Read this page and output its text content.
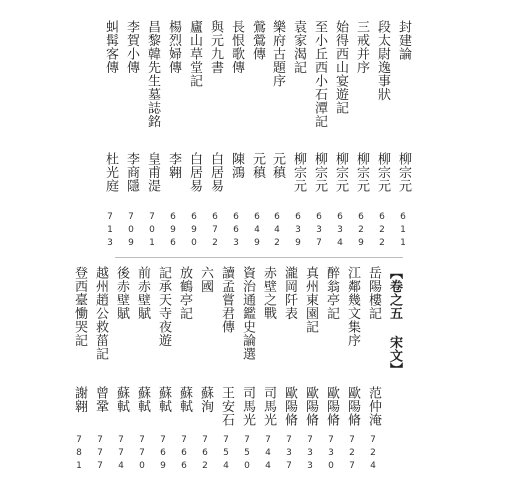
封建論
柳宗元
611
段太尉逸事狀
柳宗元
622
三戒并序
柳宗元
629
始得西山宴遊記
柳宗元
634
至小丘西小石潭記
柳宗元
637
袁家渴記
柳宗元
639
樂府古題序
元稹
642
鶯鶯傳
元稹
649
長恨歌傳
陳鴻
663
與元九書
白居易
672
廬山草堂記
白居易
690
楊烈婦傳
李翱
696
昌黎韓先生墓誌銘
皇甫湜
701
李賀小傳
李商隱
709
虯髯客傳
杜光庭
713
【卷之五 宋文】
岳陽樓記
范仲淹
724
江鄰幾文集序
歐陽脩
727
醉翁亭記
歐陽脩
730
真州東園記
歐陽脩
733
瀧岡阡表
歐陽脩
737
赤壁之戰
司馬光
744
資治通鑑史論選
司馬光
750
讀孟嘗君傳
王安石
754
六國
蘇洵
762
放鶴亭記
蘇軾
766
記承天寺夜遊
蘇軾
769
前赤壁賦
蘇軾
770
後赤壁賦
蘇軾
774
越州趙公救菑記
曾鞏
777
登西臺慟哭記
謝翱
781
